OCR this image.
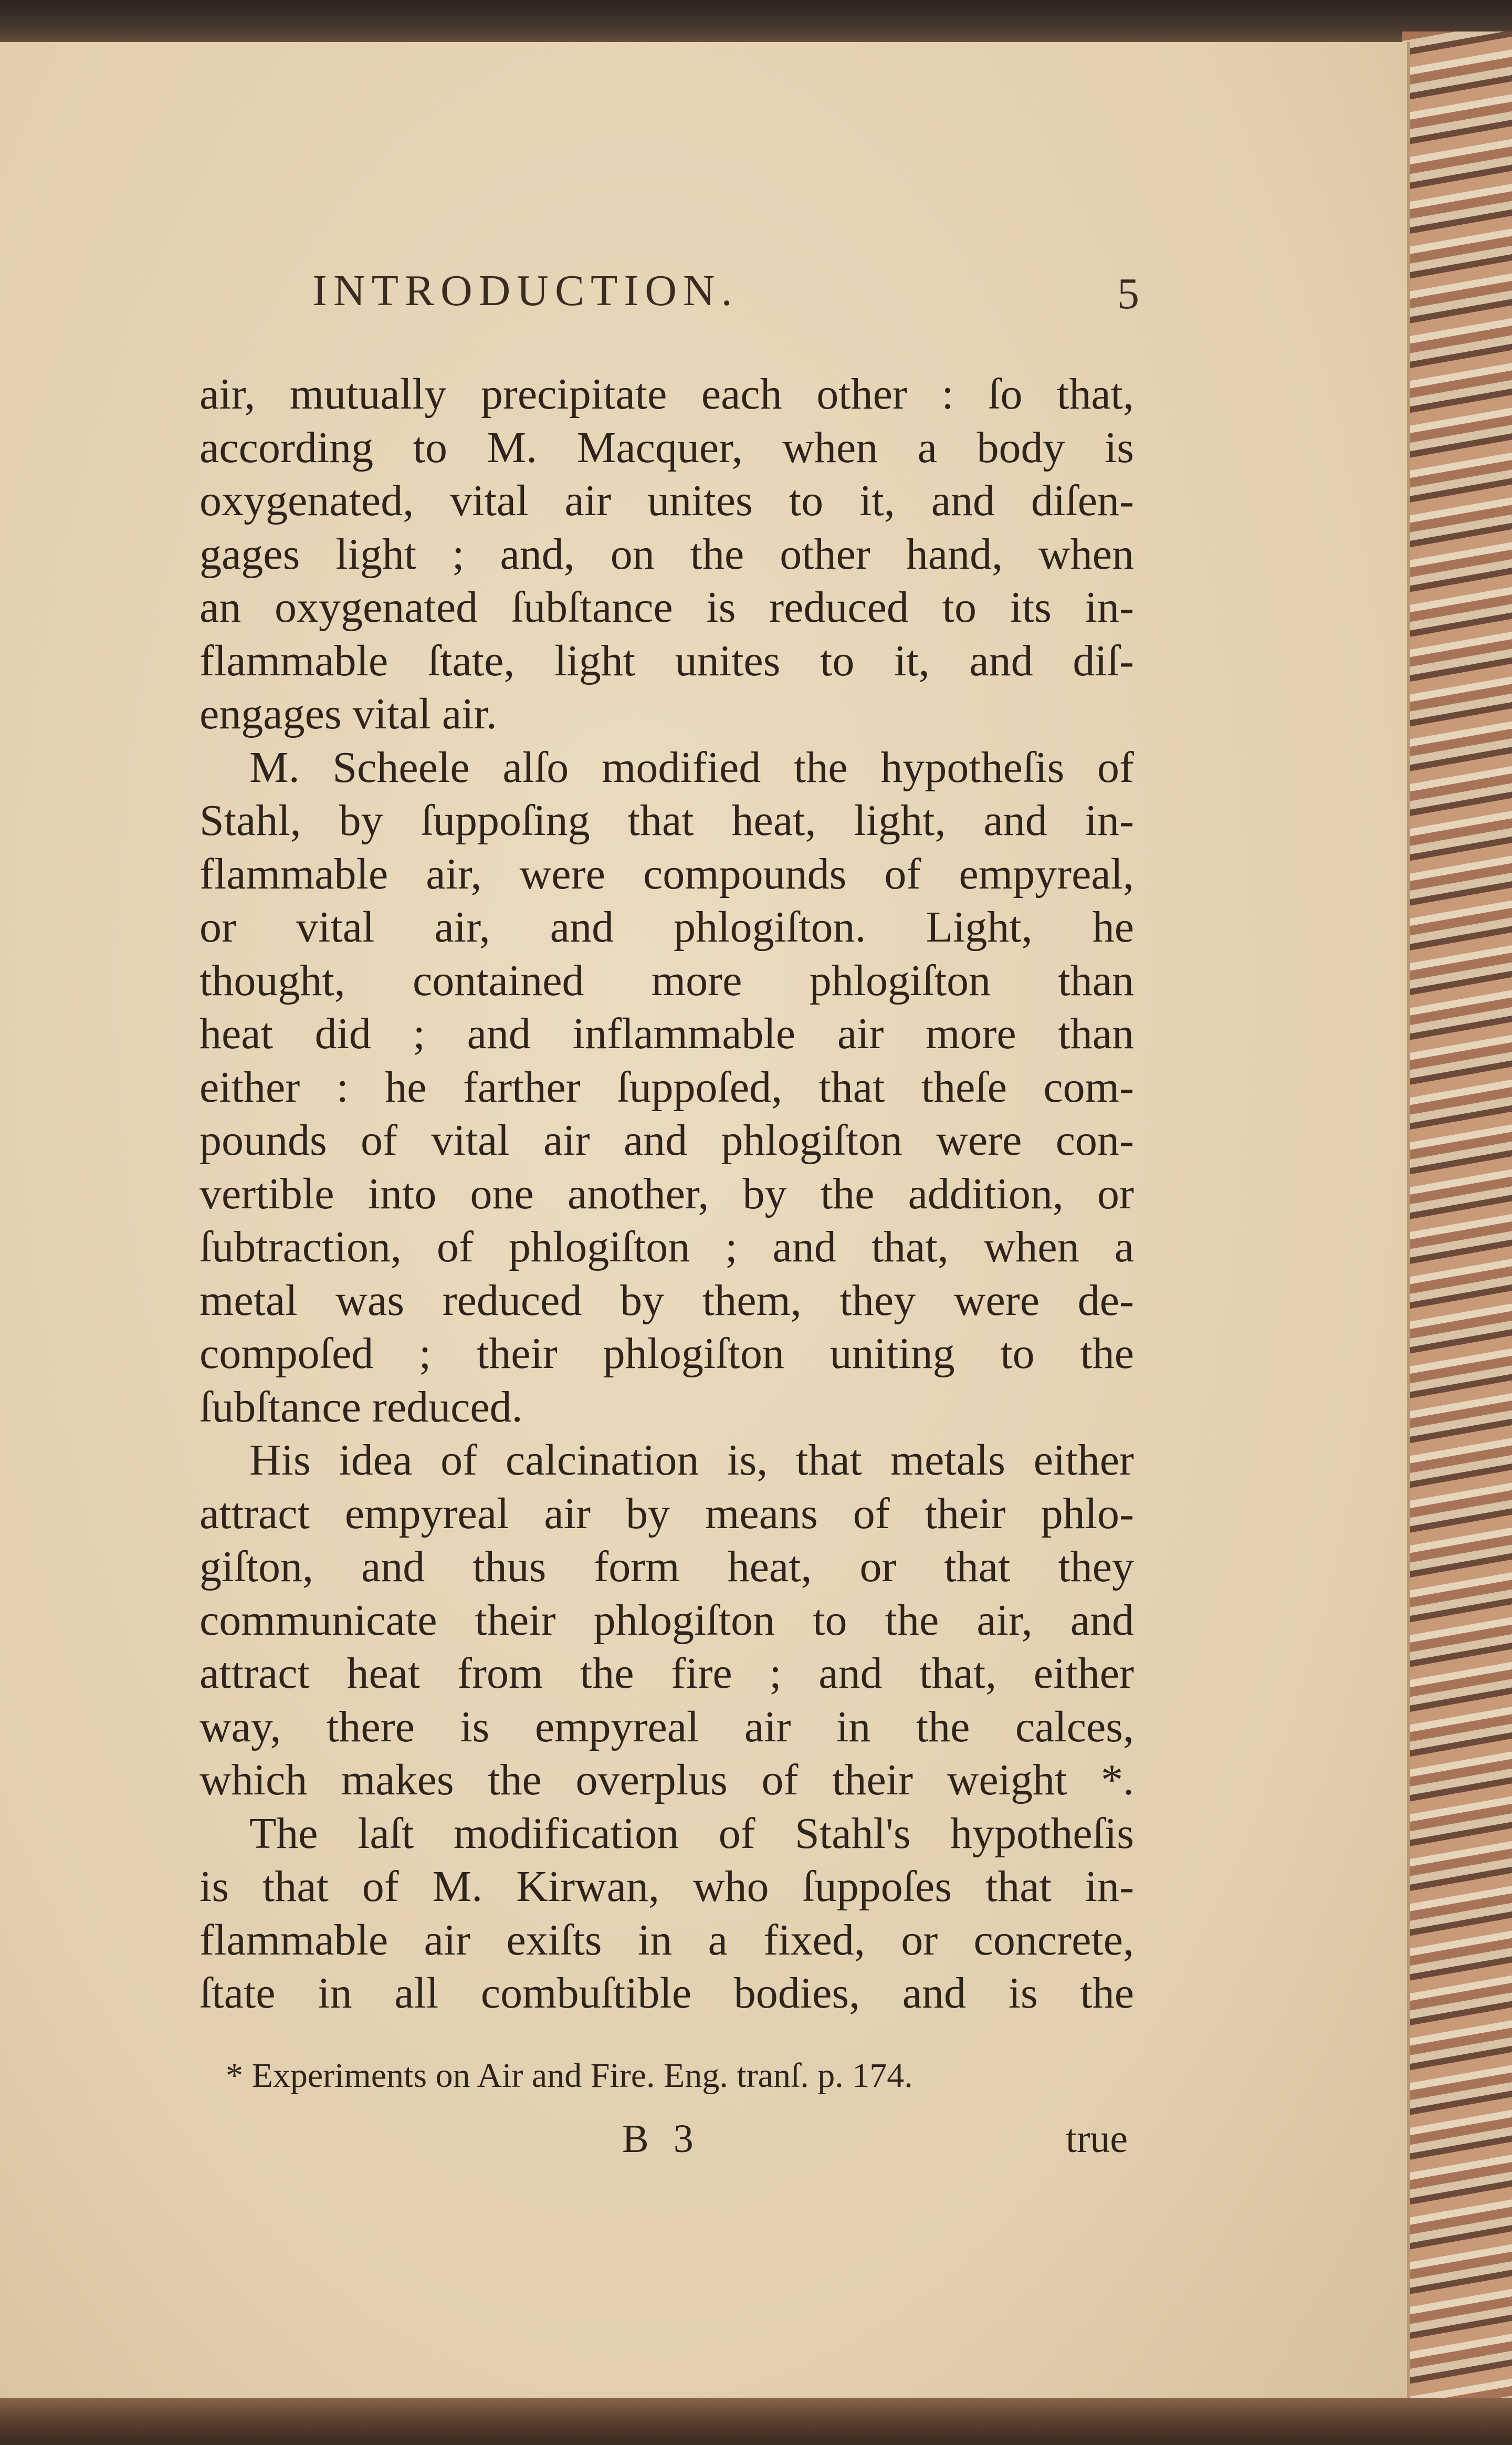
INTRODUCTION.	5
air, mutually precipitate each other : ſo that,
according to M. Macquer, when a body is
oxygenated, vital air unites to it, and diſen-
gages light ; and, on the other hand, when
an oxygenated ſubſtance is reduced to its in-
flammable ſtate, light unites to it, and diſ-
engages vital air.
M. Scheele alſo modified the hypotheſis of
Stahl, by ſuppoſing that heat, light, and in-
flammable air, were compounds of empyreal,
or vital air, and phlogiſton. Light, he
thought, contained more phlogiſton than
heat did ; and inflammable air more than
either : he farther ſuppoſed, that theſe com-
pounds of vital air and phlogiſton were con-
vertible into one another, by the addition, or
ſubtraction, of phlogiſton ; and that, when a
metal was reduced by them, they were de-
compoſed ; their phlogiſton uniting to the
ſubſtance reduced.
His idea of calcination is, that metals either
attract empyreal air by means of their phlo-
giſton, and thus form heat, or that they
communicate their phlogiſton to the air, and
attract heat from the fire ; and that, either
way, there is empyreal air in the calces,
which makes the overplus of their weight *.
The laſt modification of Stahl's hypotheſis
is that of M. Kirwan, who ſuppoſes that in-
flammable air exiſts in a fixed, or concrete,
ſtate in all combuſtible bodies, and is the
* Experiments on Air and Fire. Eng. tranſ. p. 174.
B 3	true
